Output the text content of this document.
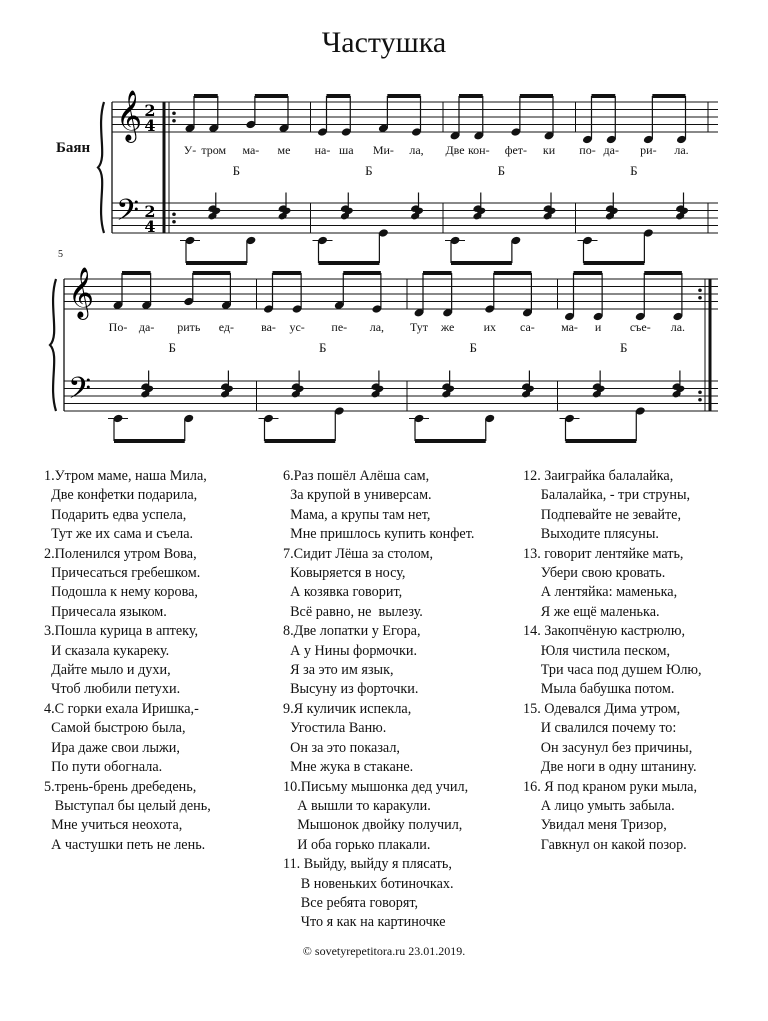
Частушка
Баян
𝄞
𝄢
2
4
2
4
У- тром ма- ме
Б
на- ша Ми- ла,
Б
Две кон- фет- ки
Б
по- да- ри- ла.
Б
𝄞
𝄢
5
По- да- рить ед-
Б
ва- ус- пе- ла,
Б
Тут же их са-
Б
ма- и съе- ла.
Б
1.Утром маме, наша Мила,
Две конфетки подарила,
Подарить едва успела,
Тут же их сама и съела.
2.Поленился утром Вова,
Причесаться гребешком.
Подошла к нему корова,
Причесала языком.
3.Пошла курица в аптеку,
И сказала кукареку.
Дайте мыло и духи,
Чтоб любили петухи.
4.С горки ехала Иришка,-
Самой быстрою была,
Ира даже свои лыжи,
По пути обогнала.
5.трень-брень дребедень,
Выступал бы целый день,
Мне учиться неохота,
А частушки петь не лень.
6.Раз пошёл Алёша сам,
За крупой в универсам.
Мама, а крупы там нет,
Мне пришлось купить конфет.
7.Сидит Лёша за столом,
Ковыряется в носу,
А козявка говорит,
Всё равно, не  вылезу.
8.Две лопатки у Егора,
А у Нины формочки.
Я за это им язык,
Высуну из форточки.
9.Я куличик испекла,
Угостила Ваню.
Он за это показал,
Мне жука в стакане.
10.Письму мышонка дед учил,
А вышли то каракули.
Мышонок двойку получил,
И оба горько плакали.
11. Выйду, выйду я плясать,
В новеньких ботиночках.
Все ребята говорят,
Что я как на картиночке
12. Заиграйка балалайка,
Балалайка, - три струны,
Подпевайте не зевайте,
Выходите плясуны.
13. говорит лентяйке мать,
Убери свою кровать.
А лентяйка: маменька,
Я же ещё маленька.
14. Закопчёную кастрюлю,
Юля чистила песком,
Три часа под душем Юлю,
Мыла бабушка потом.
15. Одевался Дима утром,
И свалился почему то:
Он засунул без причины,
Две ноги в одну штанину.
16. Я под краном руки мыла,
А лицо умыть забыла.
Увидал меня Тризор,
Гавкнул он какой позор.
© sovetyrepetitora.ru 23.01.2019.
